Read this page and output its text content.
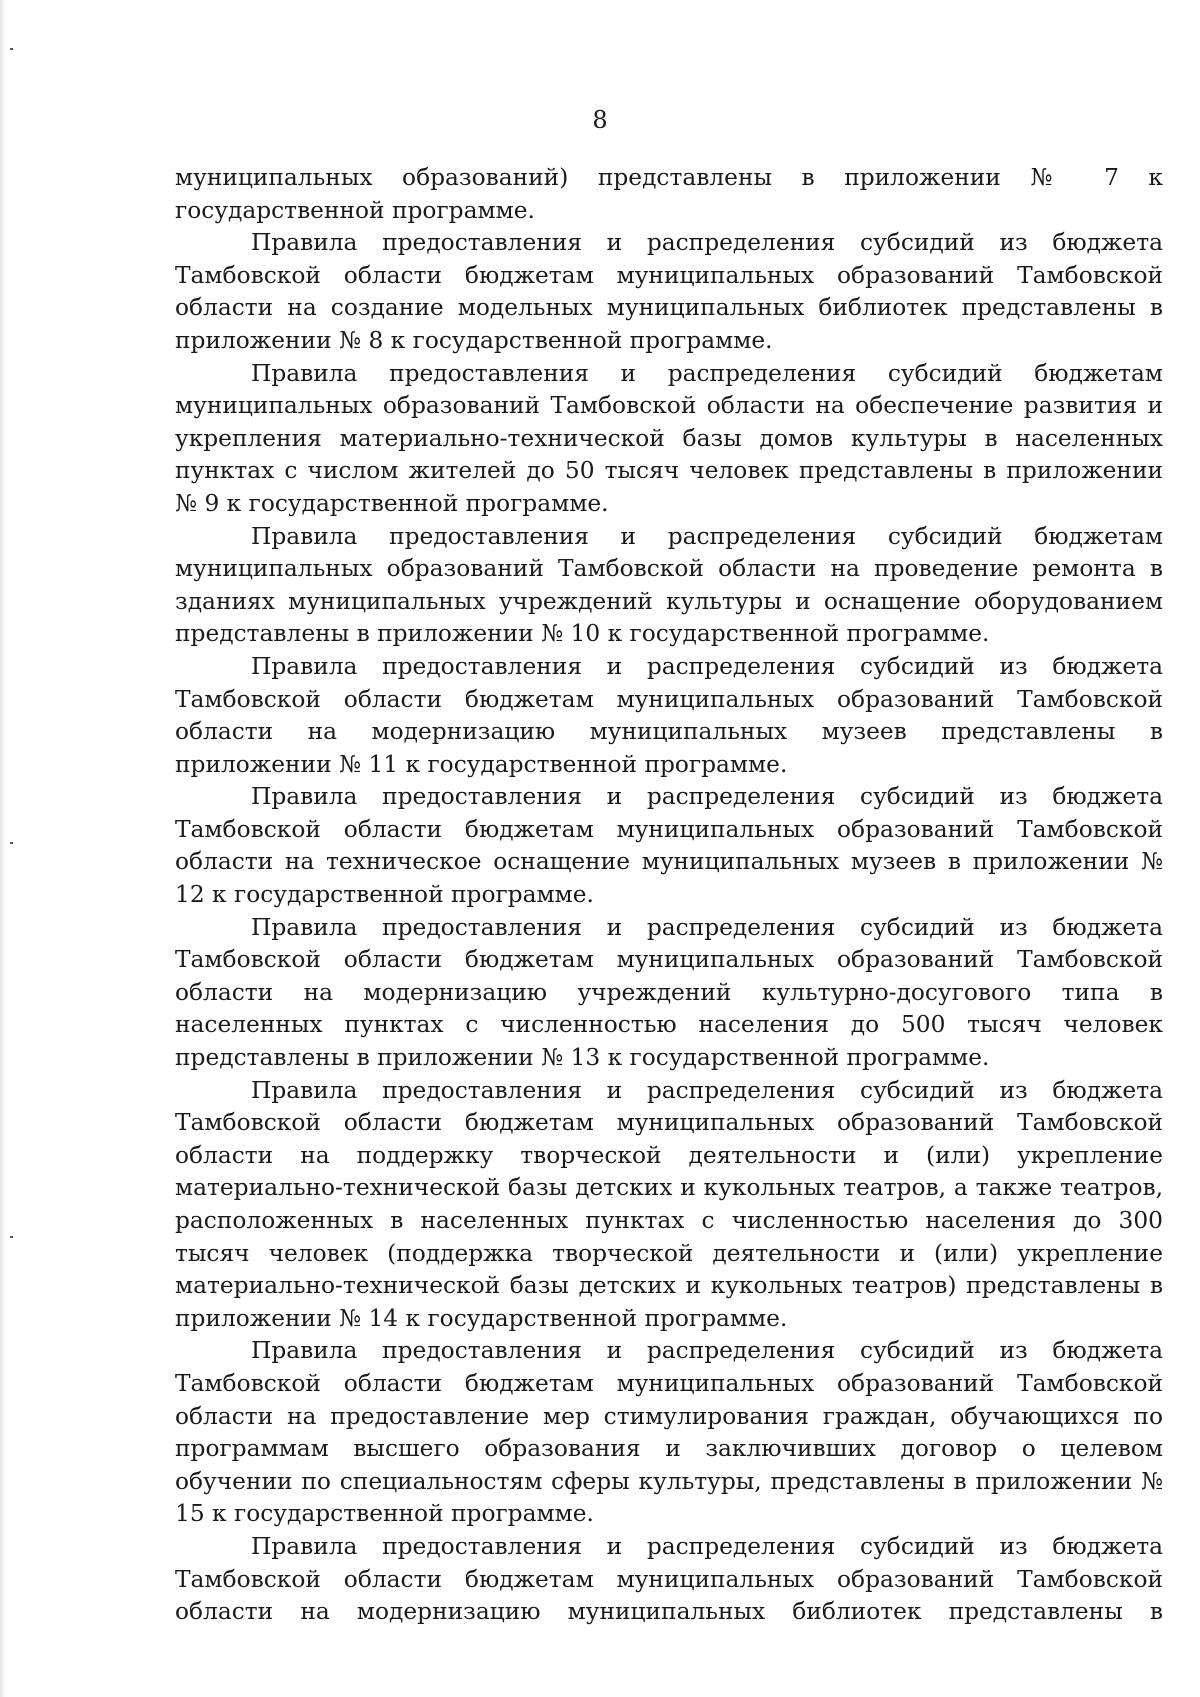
8

муниципальных образований) представлены в приложении № 7 к государственной программе.

Правила предоставления и распределения субсидий из бюджета Тамбовской области бюджетам муниципальных образований Тамбовской области на создание модельных муниципальных библиотек представлены в приложении № 8 к государственной программе.

Правила предоставления и распределения субсидий бюджетам муниципальных образований Тамбовской области на обеспечение развития и укрепления материально-технической базы домов культуры в населенных пунктах с числом жителей до 50 тысяч человек представлены в приложении № 9 к государственной программе.

Правила предоставления и распределения субсидий бюджетам муниципальных образований Тамбовской области на проведение ремонта в зданиях муниципальных учреждений культуры и оснащение оборудованием представлены в приложении № 10 к государственной программе.

Правила предоставления и распределения субсидий из бюджета Тамбовской области бюджетам муниципальных образований Тамбовской области на модернизацию муниципальных музеев представлены в приложении № 11 к государственной программе.

Правила предоставления и распределения субсидий из бюджета Тамбовской области бюджетам муниципальных образований Тамбовской области на техническое оснащение муниципальных музеев в приложении № 12 к государственной программе.

Правила предоставления и распределения субсидий из бюджета Тамбовской области бюджетам муниципальных образований Тамбовской области на модернизацию учреждений культурно-досугового типа в населенных пунктах с численностью населения до 500 тысяч человек представлены в приложении № 13 к государственной программе.

Правила предоставления и распределения субсидий из бюджета Тамбовской области бюджетам муниципальных образований Тамбовской области на поддержку творческой деятельности и (или) укрепление материально-технической базы детских и кукольных театров, а также театров, расположенных в населенных пунктах с численностью населения до 300 тысяч человек (поддержка творческой деятельности и (или) укрепление материально-технической базы детских и кукольных театров) представлены в приложении № 14 к государственной программе.

Правила предоставления и распределения субсидий из бюджета Тамбовской области бюджетам муниципальных образований Тамбовской области на предоставление мер стимулирования граждан, обучающихся по программам высшего образования и заключивших договор о целевом обучении по специальностям сферы культуры, представлены в приложении № 15 к государственной программе.

Правила предоставления и распределения субсидий из бюджета Тамбовской области бюджетам муниципальных образований Тамбовской области на модернизацию муниципальных библиотек представлены в
